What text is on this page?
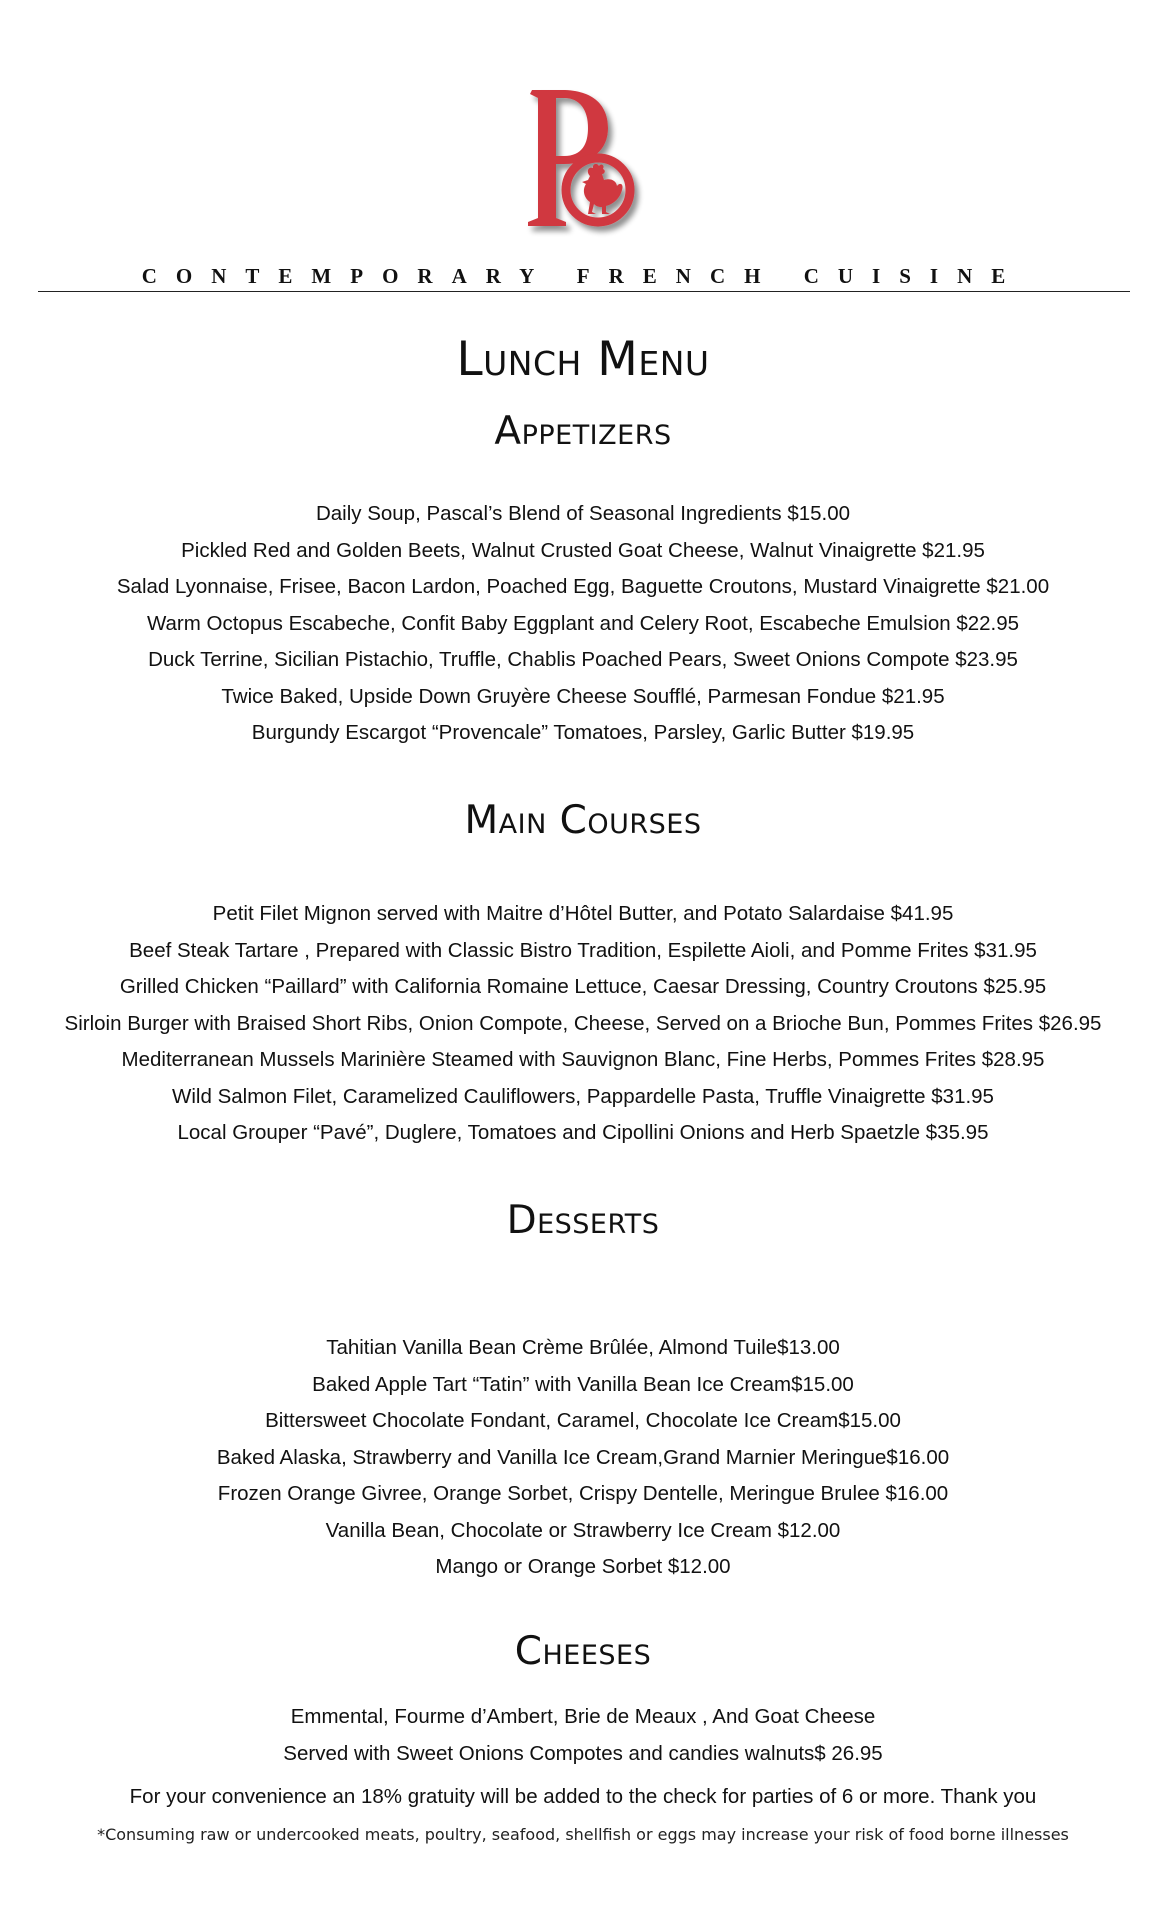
CONTEMPORARY FRENCH CUISINE
Lunch Menu
Appetizers
Daily Soup, Pascal’s Blend of Seasonal Ingredients $15.00
Pickled Red and Golden Beets, Walnut Crusted Goat Cheese, Walnut Vinaigrette $21.95
Salad Lyonnaise, Frisee, Bacon Lardon, Poached Egg, Baguette Croutons, Mustard Vinaigrette $21.00
Warm Octopus Escabeche, Confit Baby Eggplant and Celery Root, Escabeche Emulsion $22.95
Duck Terrine, Sicilian Pistachio, Truffle, Chablis Poached Pears, Sweet Onions Compote $23.95
Twice Baked, Upside Down Gruyère Cheese Soufflé, Parmesan Fondue $21.95
Burgundy Escargot “Provencale” Tomatoes, Parsley, Garlic Butter $19.95
Main Courses
Petit Filet Mignon served with Maitre d’Hôtel Butter, and Potato Salardaise $41.95
Beef Steak Tartare , Prepared with Classic Bistro Tradition, Espilette Aioli, and Pomme Frites $31.95
Grilled Chicken “Paillard” with California Romaine Lettuce, Caesar Dressing, Country Croutons $25.95
Sirloin Burger with Braised Short Ribs, Onion Compote, Cheese, Served on a Brioche Bun, Pommes Frites $26.95
Mediterranean Mussels Marinière Steamed with Sauvignon Blanc, Fine Herbs, Pommes Frites $28.95
Wild Salmon Filet, Caramelized Cauliflowers, Pappardelle Pasta, Truffle Vinaigrette $31.95
Local Grouper “Pavé”, Duglere, Tomatoes and Cipollini Onions and Herb Spaetzle $35.95
Desserts
Tahitian Vanilla Bean Crème Brûlée, Almond Tuile$13.00
Baked Apple Tart “Tatin” with Vanilla Bean Ice Cream$15.00
Bittersweet Chocolate Fondant, Caramel, Chocolate Ice Cream$15.00
Baked Alaska, Strawberry and Vanilla Ice Cream,Grand Marnier Meringue$16.00
Frozen Orange Givree, Orange Sorbet, Crispy Dentelle, Meringue Brulee $16.00
Vanilla Bean, Chocolate or Strawberry Ice Cream $12.00
Mango or Orange Sorbet $12.00
Cheeses
Emmental, Fourme d’Ambert, Brie de Meaux , And Goat Cheese
Served with Sweet Onions Compotes and candies walnuts$ 26.95
For your convenience an 18% gratuity will be added to the check for parties of 6 or more. Thank you
*Consuming raw or undercooked meats, poultry, seafood, shellfish or eggs may increase your risk of food borne illnesses
